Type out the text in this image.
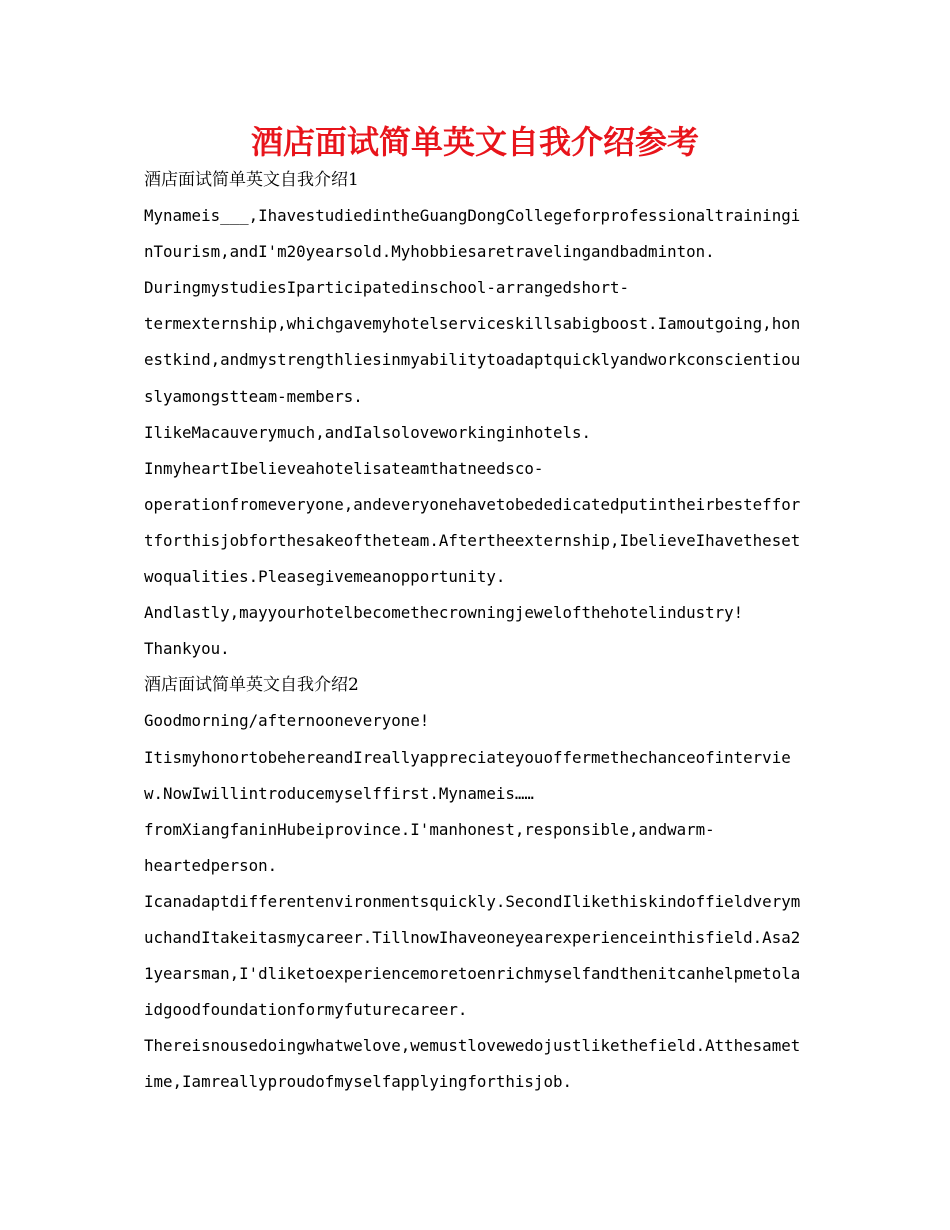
酒店面试简单英文自我介绍参考

酒店面试简单英文自我介绍1

Mynameis___,IhavestudiedintheGuangDongCollegeforprofessionaltraininginTourism,andI'm20yearsold.Myhobbiesaretravelingandbadminton.

DuringmystudiesIparticipatedinschool-arrangedshort-

termexternship,whichgavemyhotelserviceskillsabigboost.Iamoutgoing,honestkind,andmystrengthliesinmyabilitytoadaptquicklyandworkconscientiouslyamongstteam-members.

IlikeMacauverymuch,andIalsoloveworkinginhotels.

InmyheartIbelieveahotelisateamthatneedsco-

operationfromeveryone,andeveryonehavetobededicatedputintheirbesteffortforthisjobforthesakeoftheteam.Aftertheexternship,IbelieveIhavethesetwoqualities.Pleasegivemeanopportunity.

Andlastly,mayyourhotelbecomethecrowningjewelofthehotelindustry!

Thankyou.

酒店面试简单英文自我介绍2

Goodmorning/afternooneveryone!

ItismyhonortobehereandIreallyappreciateyouoffermethechanceofinterview.NowIwillintroducemyselffirst.Mynameis……

fromXiangfaninHubeiprovince.I'manhonest,responsible,andwarm-

heartedperson.

Icanadaptdifferentenvironmentsquickly.SecondIlikethiskindoffieldverymuchandItakeitasmycareer.TillnowIhaveoneyearexperienceinthisfield.Asa21yearsman,I'dliketoexperiencemoretoenrichmyselfandthenitcanhelpmetolaidgoodfoundationformyfuturecareer.

Thereisnousedoingwhatwelove,wemustlovewedojustlikethefield.Atthesametime,Iamreallyproudofmyselfapplyingforthisjob.
